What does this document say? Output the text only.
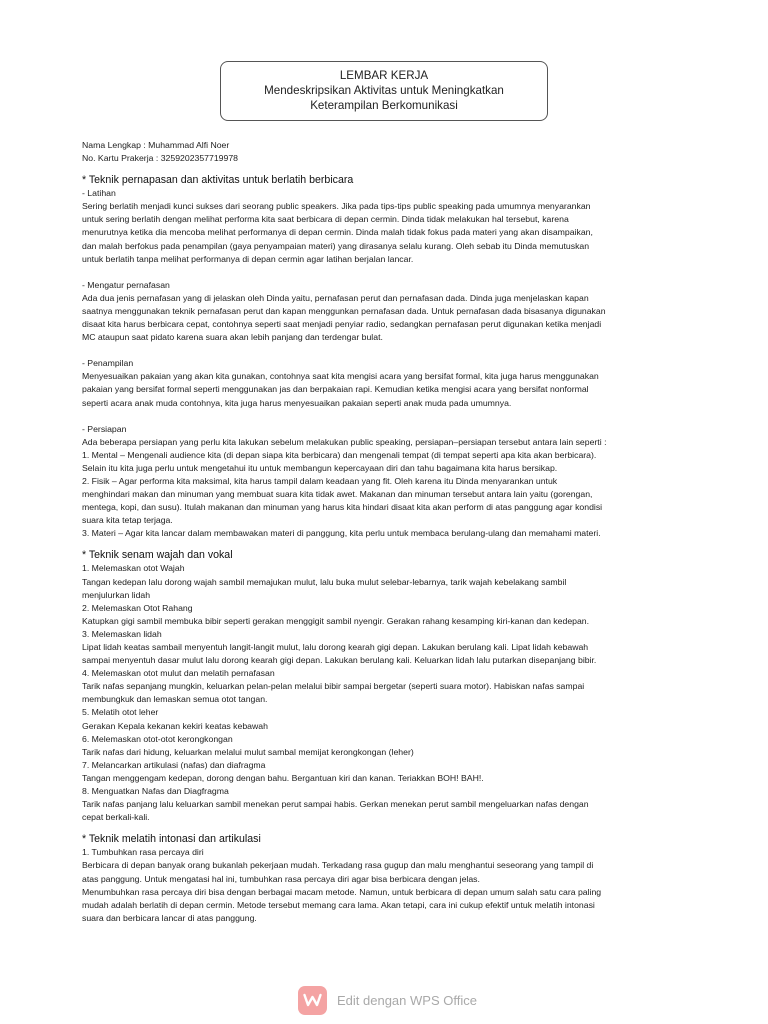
LEMBAR KERJA
Mendeskripsikan Aktivitas untuk Meningkatkan
Keterampilan Berkomunikasi

Nama Lengkap : Muhammad Alfi Noer

No. Kartu Prakerja : 3259202357719978

* Teknik pernapasan dan aktivitas untuk berlatih berbicara

- Latihan

Sering berlatih menjadi kunci sukses dari seorang public speakers. Jika pada tips-tips public speaking pada umumnya menyarankan

untuk sering berlatih dengan melihat performa kita saat berbicara di depan cermin. Dinda tidak melakukan hal tersebut, karena

menurutnya ketika dia mencoba melihat performanya di depan cermin. Dinda malah tidak fokus pada materi yang akan disampaikan,

dan malah berfokus pada penampilan (gaya penyampaian materi) yang dirasanya selalu kurang. Oleh sebab itu Dinda memutuskan

untuk berlatih tanpa melihat performanya di depan cermin agar latihan berjalan lancar.

- Mengatur pernafasan

Ada dua jenis pernafasan yang di jelaskan oleh Dinda yaitu, pernafasan perut dan pernafasan dada. Dinda juga menjelaskan kapan

saatnya menggunakan teknik pernafasan perut dan kapan menggunkan pernafasan dada. Untuk pernafasan dada bisasanya digunakan

disaat kita harus berbicara cepat, contohnya seperti saat menjadi penyiar radio, sedangkan pernafasan perut digunakan ketika menjadi

MC ataupun saat pidato karena suara akan lebih panjang dan terdengar bulat.

- Penampilan

Menyesuaikan pakaian yang akan kita gunakan, contohnya saat kita mengisi acara yang bersifat formal, kita juga harus menggunakan

pakaian yang bersifat formal seperti menggunakan jas dan berpakaian rapi. Kemudian ketika mengisi acara yang bersifat nonformal

seperti acara anak muda contohnya, kita juga harus menyesuaikan pakaian seperti anak muda pada umumnya.

- Persiapan

Ada beberapa persiapan yang perlu kita lakukan sebelum melakukan public speaking, persiapan–persiapan tersebut antara lain seperti :

1. Mental – Mengenali audience kita (di depan siapa kita berbicara) dan mengenali tempat (di tempat seperti apa kita akan berbicara).

Selain itu kita juga perlu untuk mengetahui itu untuk membangun kepercayaan diri dan tahu bagaimana kita harus bersikap.

2. Fisik – Agar performa kita maksimal, kita harus tampil dalam keadaan yang fit. Oleh karena itu Dinda menyarankan untuk

menghindari makan dan minuman yang membuat suara kita tidak awet. Makanan dan minuman tersebut antara lain yaitu (gorengan,

mentega, kopi, dan susu). Itulah makanan dan minuman yang harus kita hindari disaat kita akan perform di atas panggung agar kondisi

suara kita tetap terjaga.

3. Materi – Agar kita lancar dalam membawakan materi di panggung, kita perlu untuk membaca berulang-ulang dan memahami materi.

* Teknik senam wajah dan vokal

1. Melemaskan otot Wajah

Tangan kedepan lalu dorong wajah sambil memajukan mulut, lalu buka mulut selebar-lebarnya, tarik wajah kebelakang sambil

menjulurkan lidah

2. Melemaskan Otot Rahang

Katupkan gigi sambil membuka bibir seperti gerakan menggigit sambil nyengir. Gerakan rahang kesamping kiri-kanan dan kedepan.

3. Melemaskan lidah

Lipat lidah keatas sambail menyentuh langit-langit mulut, lalu dorong kearah gigi depan. Lakukan berulang kali. Lipat lidah kebawah

sampai menyentuh dasar mulut lalu dorong kearah gigi depan. Lakukan berulang kali. Keluarkan lidah lalu putarkan disepanjang bibir.

4. Melemaskan otot mulut dan melatih pernafasan

Tarik nafas sepanjang mungkin, keluarkan pelan-pelan melalui bibir sampai bergetar (seperti suara motor). Habiskan nafas sampai

membungkuk dan lemaskan semua otot tangan.

5. Melatih otot leher

Gerakan Kepala kekanan kekiri keatas kebawah

6. Melemaskan otot-otot kerongkongan

Tarik nafas dari hidung, keluarkan melalui mulut sambal memijat kerongkongan (leher)

7. Melancarkan artikulasi (nafas) dan diafragma

Tangan menggengam kedepan, dorong dengan bahu. Bergantuan kiri dan kanan. Teriakkan BOH! BAH!.

8. Menguatkan Nafas dan Diagfragma

Tarik nafas panjang lalu keluarkan sambil menekan perut sampai habis. Gerkan menekan perut sambil mengeluarkan nafas dengan

cepat berkali-kali.

* Teknik melatih intonasi dan artikulasi

1. Tumbuhkan rasa percaya diri

Berbicara di depan banyak orang bukanlah pekerjaan mudah. Terkadang rasa gugup dan malu menghantui seseorang yang tampil di

atas panggung. Untuk mengatasi hal ini, tumbuhkan rasa percaya diri agar bisa berbicara dengan jelas.

Menumbuhkan rasa percaya diri bisa dengan berbagai macam metode. Namun, untuk berbicara di depan umum salah satu cara paling

mudah adalah berlatih di depan cermin. Metode tersebut memang cara lama. Akan tetapi, cara ini cukup efektif untuk melatih intonasi

suara dan berbicara lancar di atas panggung.

Edit dengan WPS Office
